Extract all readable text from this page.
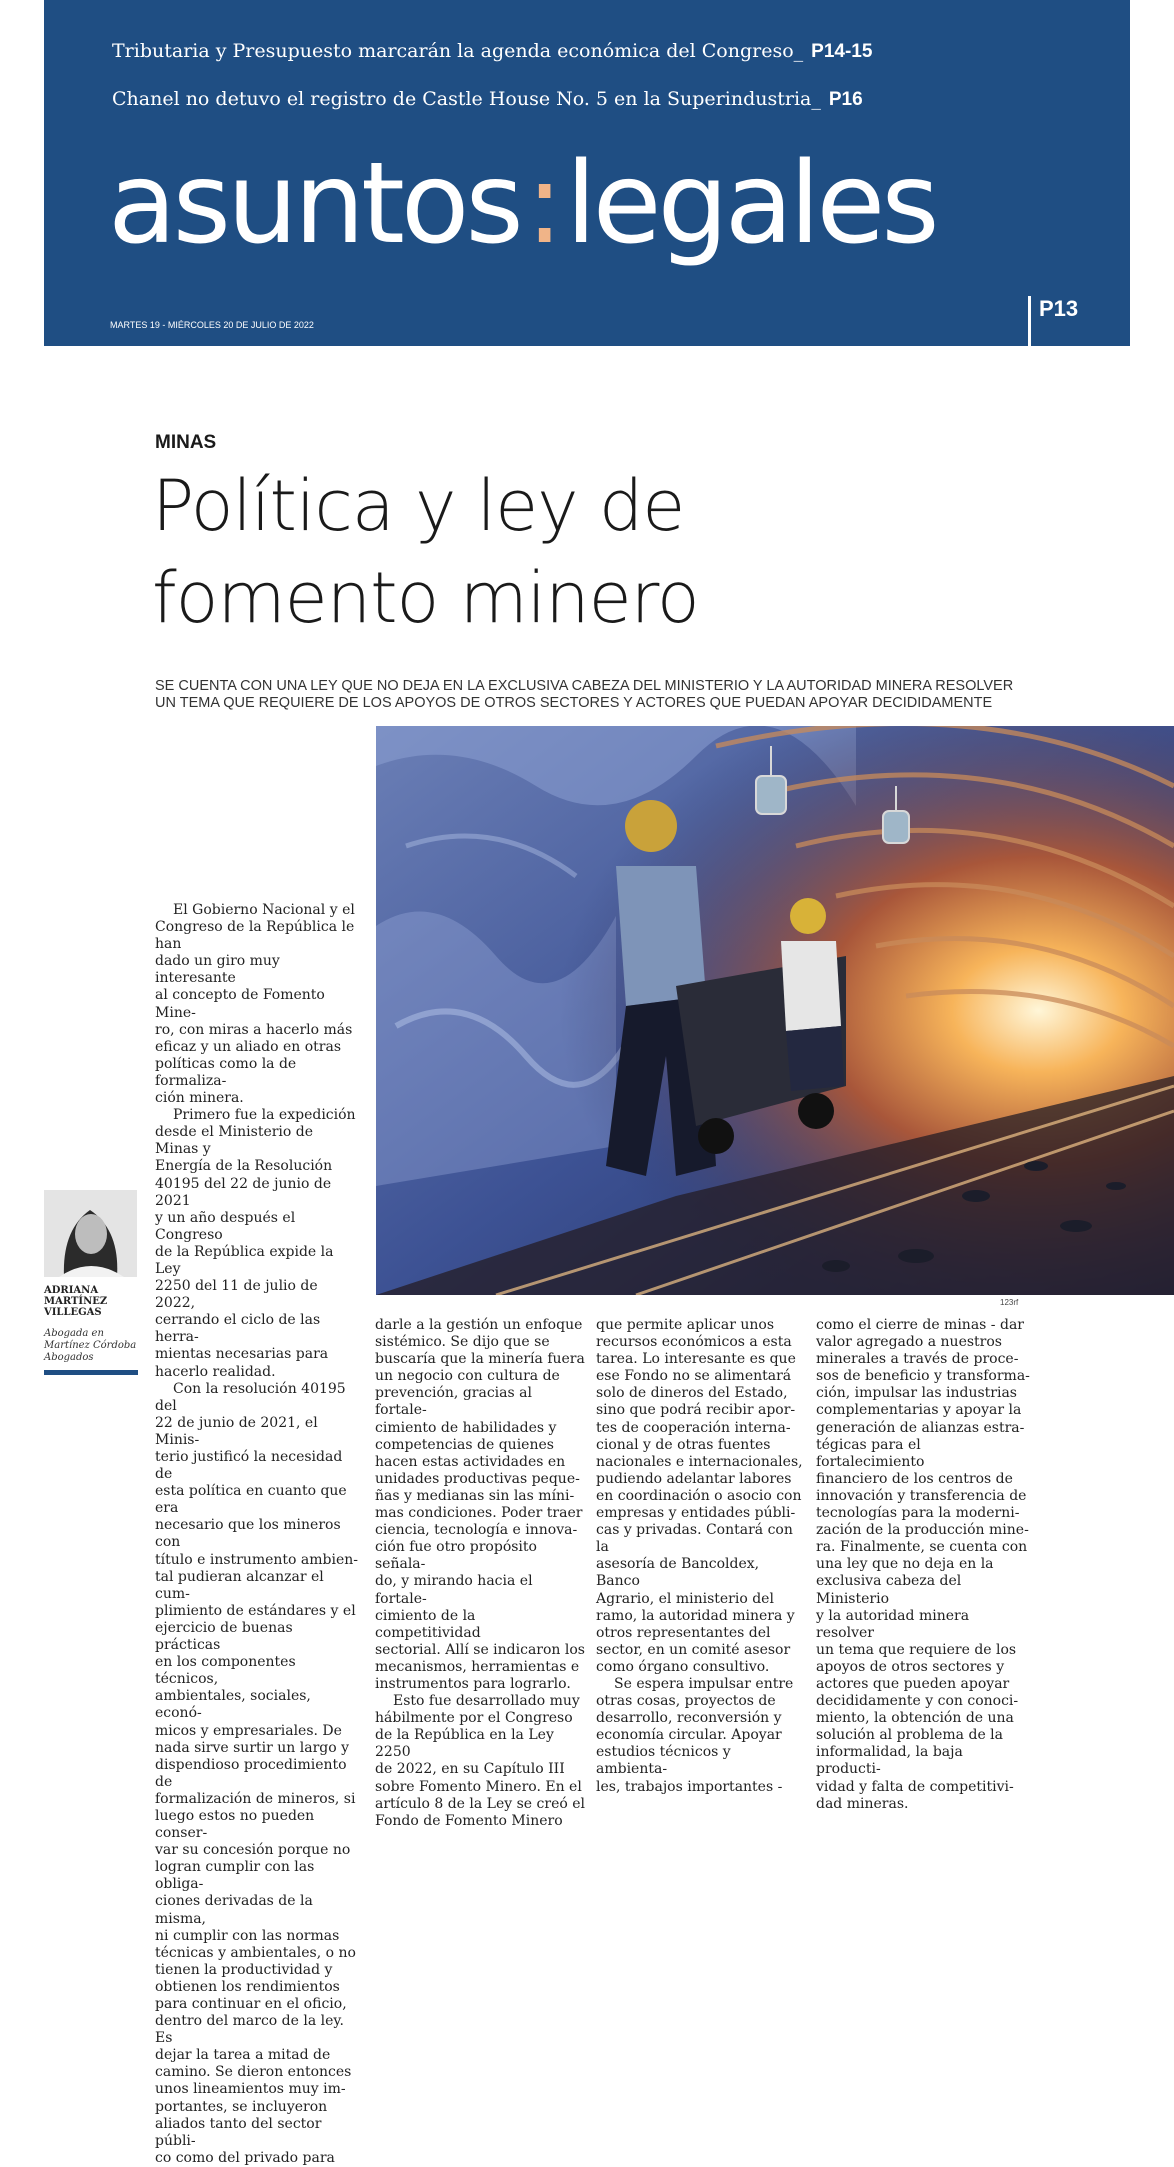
Tributaria y Presupuesto marcarán la agenda económica del Congreso_ P14-15
Chanel no detuvo el registro de Castle House No. 5 en la Superindustria_ P16
asuntos:legales
MARTES 19 - MIÉRCOLES 20 DE JULIO DE 2022
P13
MINAS
Política y ley de
fomento minero
SE CUENTA CON UNA LEY QUE NO DEJA EN LA EXCLUSIVA CABEZA DEL MINISTERIO Y LA AUTORIDAD MINERA RESOLVER UN TEMA QUE REQUIERE DE LOS APOYOS DE OTROS SECTORES Y ACTORES QUE PUEDAN APOYAR DECIDIDAMENTE
123rf
ADRIANA
MARTÍNEZ
VILLEGAS
Abogada en
Martínez Córdoba
Abogados
El Gobierno Nacional y el
Congreso de la República le han
dado un giro muy interesante
al concepto de Fomento Mine-
ro, con miras a hacerlo más
eficaz y un aliado en otras
políticas como la de formaliza-
ción minera.
Primero fue la expedición
desde el Ministerio de Minas y
Energía de la Resolución
40195 del 22 de junio de 2021
y un año después el Congreso
de la República expide la Ley
2250 del 11 de julio de 2022,
cerrando el ciclo de las herra-
mientas necesarias para
hacerlo realidad.
Con la resolución 40195 del
22 de junio de 2021, el Minis-
terio justificó la necesidad de
esta política en cuanto que era
necesario que los mineros con
título e instrumento ambien-
tal pudieran alcanzar el cum-
plimiento de estándares y el
ejercicio de buenas prácticas
en los componentes técnicos,
ambientales, sociales, econó-
micos y empresariales. De
nada sirve surtir un largo y
dispendioso procedimiento de
formalización de mineros, si
luego estos no pueden conser-
var su concesión porque no
logran cumplir con las obliga-
ciones derivadas de la misma,
ni cumplir con las normas
técnicas y ambientales, o no
tienen la productividad y
obtienen los rendimientos
para continuar en el oficio,
dentro del marco de la ley. Es
dejar la tarea a mitad de
camino. Se dieron entonces
unos lineamientos muy im-
portantes, se incluyeron
aliados tanto del sector públi-
co como del privado para
darle a la gestión un enfoque
sistémico. Se dijo que se
buscaría que la minería fuera
un negocio con cultura de
prevención, gracias al fortale-
cimiento de habilidades y
competencias de quienes
hacen estas actividades en
unidades productivas peque-
ñas y medianas sin las míni-
mas condiciones. Poder traer
ciencia, tecnología e innova-
ción fue otro propósito señala-
do, y mirando hacia el fortale-
cimiento de la competitividad
sectorial. Allí se indicaron los
mecanismos, herramientas e
instrumentos para lograrlo.
Esto fue desarrollado muy
hábilmente por el Congreso
de la República en la Ley 2250
de 2022, en su Capítulo III
sobre Fomento Minero. En el
artículo 8 de la Ley se creó el
Fondo de Fomento Minero
que permite aplicar unos
recursos económicos a esta
tarea. Lo interesante es que
ese Fondo no se alimentará
solo de dineros del Estado,
sino que podrá recibir apor-
tes de cooperación interna-
cional y de otras fuentes
nacionales e internacionales,
pudiendo adelantar labores
en coordinación o asocio con
empresas y entidades públi-
cas y privadas. Contará con la
asesoría de Bancoldex, Banco
Agrario, el ministerio del
ramo, la autoridad minera y
otros representantes del
sector, en un comité asesor
como órgano consultivo.
Se espera impulsar entre
otras cosas, proyectos de
desarrollo, reconversión y
economía circular. Apoyar
estudios técnicos y ambienta-
les, trabajos importantes -
como el cierre de minas - dar
valor agregado a nuestros
minerales a través de proce-
sos de beneficio y transforma-
ción, impulsar las industrias
complementarias y apoyar la
generación de alianzas estra-
tégicas para el fortalecimiento
financiero de los centros de
innovación y transferencia de
tecnologías para la moderni-
zación de la producción mine-
ra. Finalmente, se cuenta con
una ley que no deja en la
exclusiva cabeza del Ministerio
y la autoridad minera resolver
un tema que requiere de los
apoyos de otros sectores y
actores que pueden apoyar
decididamente y con conoci-
miento, la obtención de una
solución al problema de la
informalidad, la baja producti-
vidad y falta de competitivi-
dad mineras.
